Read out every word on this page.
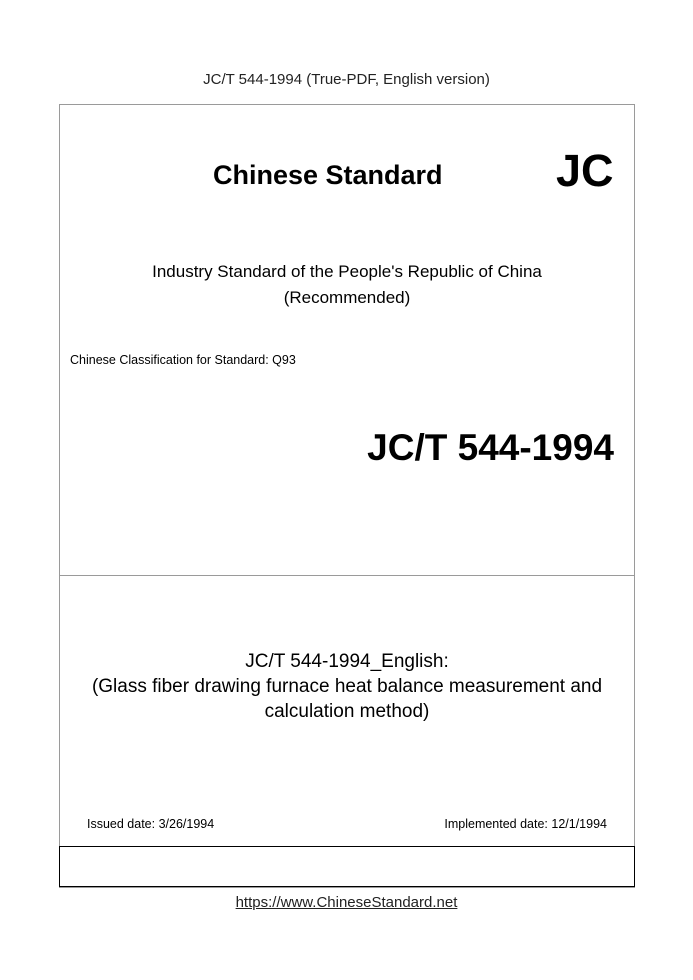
JC/T 544-1994 (True-PDF, English version)
Chinese Standard	JC
Industry Standard of the People's Republic of China
(Recommended)
Chinese Classification for Standard: Q93
JC/T 544-1994
JC/T 544-1994_English:
(Glass fiber drawing furnace heat balance measurement and
calculation method)
Issued date: 3/26/1994	Implemented date: 12/1/1994
https://www.ChineseStandard.net
